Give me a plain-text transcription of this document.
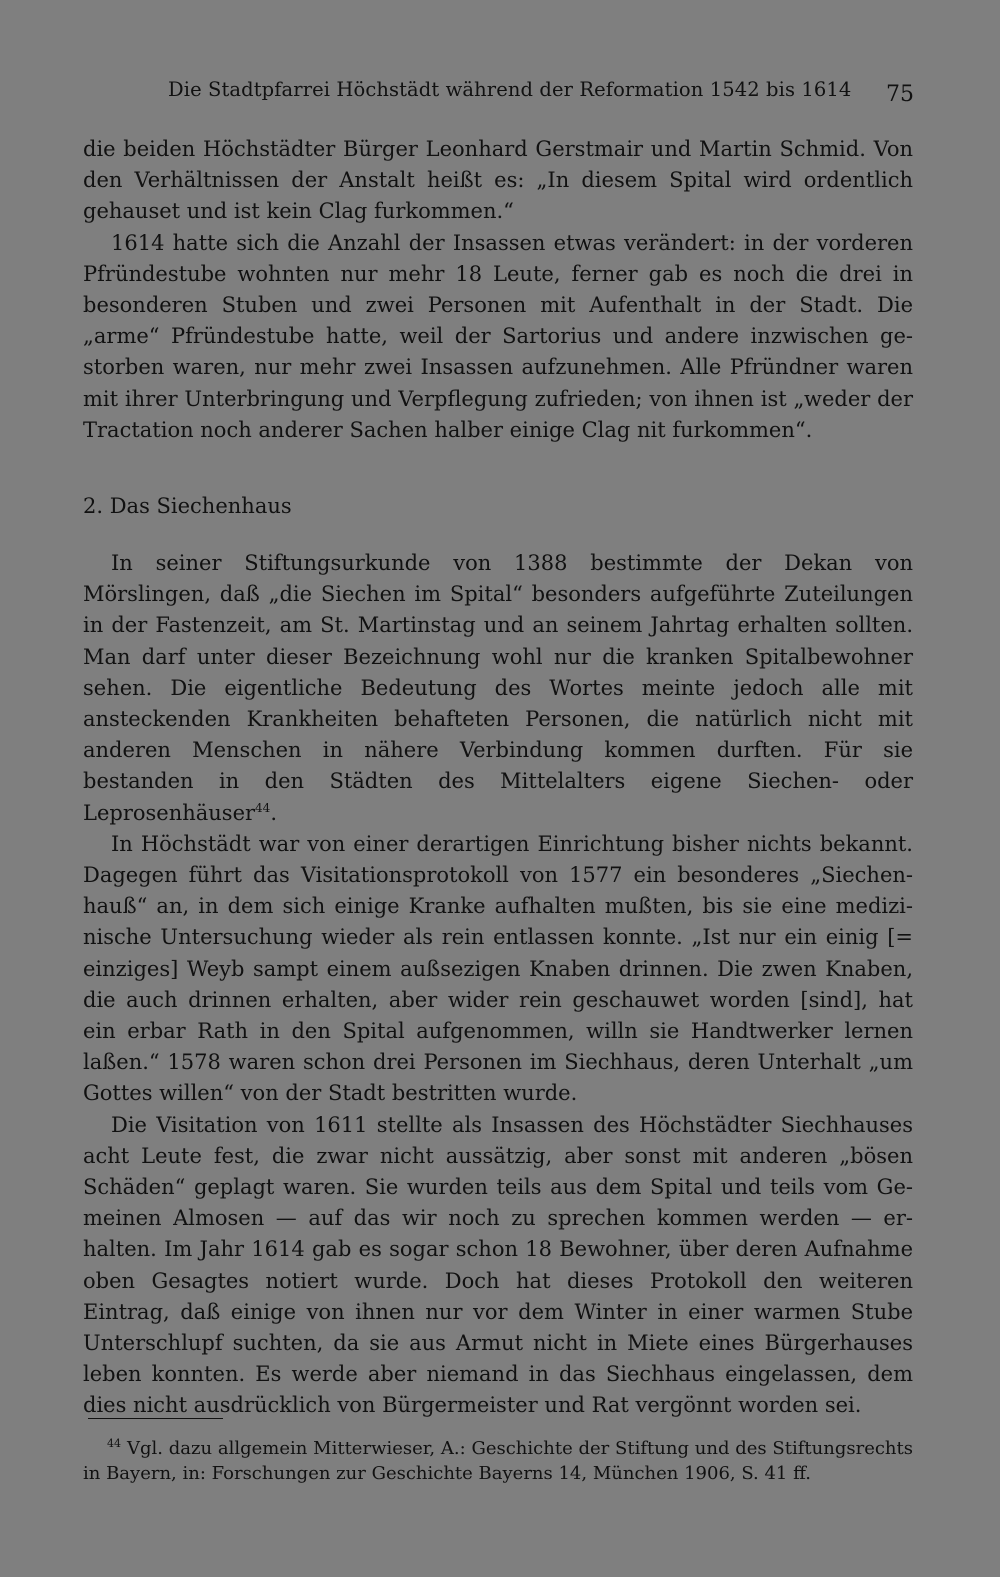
Die Stadtpfarrei Höchstädt während der Reformation 1542 bis 1614 75

die beiden Höchstädter Bürger Leonhard Gerstmair und Martin Schmid. Von den Verhältnissen der Anstalt heißt es: „In diesem Spital wird ordentlich gehauset und ist kein Clag furkommen.“

1614 hatte sich die Anzahl der Insassen etwas verändert: in der vorderen Pfründestube wohnten nur mehr 18 Leute, ferner gab es noch die drei in besonderen Stuben und zwei Personen mit Aufenthalt in der Stadt. Die „arme“ Pfründestube hatte, weil der Sartorius und andere inzwischen gestorben waren, nur mehr zwei Insassen aufzunehmen. Alle Pfründner waren mit ihrer Unterbringung und Verpflegung zufrieden; von ihnen ist „weder der Tractation noch anderer Sachen halber einige Clag nit furkommen“.

2. Das Siechenhaus

In seiner Stiftungsurkunde von 1388 bestimmte der Dekan von Mörslingen, daß „die Siechen im Spital“ besonders aufgeführte Zuteilungen in der Fastenzeit, am St. Martinstag und an seinem Jahrtag erhalten sollten. Man darf unter dieser Bezeichnung wohl nur die kranken Spitalbewohner sehen. Die eigentliche Bedeutung des Wortes meinte jedoch alle mit ansteckenden Krankheiten behafteten Personen, die natürlich nicht mit anderen Menschen in nähere Verbindung kommen durften. Für sie bestanden in den Städten des Mittelalters eigene Siechen- oder Leprosenhäuser$^{44}$.

In Höchstädt war von einer derartigen Einrichtung bisher nichts bekannt. Dagegen führt das Visitationsprotokoll von 1577 ein besonderes „Siechenhauß“ an, in dem sich einige Kranke aufhalten mußten, bis sie eine medizinische Untersuchung wieder als rein entlassen konnte. „Ist nur ein einig [= einziges] Weyb sampt einem außsezigen Knaben drinnen. Die zwen Knaben, die auch drinnen erhalten, aber wider rein geschauwet worden [sind], hat ein erbar Rath in den Spital aufgenommen, willn sie Handtwerker lernen laßen.“ 1578 waren schon drei Personen im Siechhaus, deren Unterhalt „um Gottes willen“ von der Stadt bestritten wurde.

Die Visitation von 1611 stellte als Insassen des Höchstädter Siechhauses acht Leute fest, die zwar nicht aussätzig, aber sonst mit anderen „bösen Schäden“ geplagt waren. Sie wurden teils aus dem Spital und teils vom Gemeinen Almosen — auf das wir noch zu sprechen kommen werden — erhalten. Im Jahr 1614 gab es sogar schon 18 Bewohner, über deren Aufnahme oben Gesagtes notiert wurde. Doch hat dieses Protokoll den weiteren Eintrag, daß einige von ihnen nur vor dem Winter in einer warmen Stube Unterschlupf suchten, da sie aus Armut nicht in Miete eines Bürgerhauses leben konnten. Es werde aber niemand in das Siechhaus eingelassen, dem dies nicht ausdrücklich von Bürgermeister und Rat vergönnt worden sei.

$^{44}$ Vgl. dazu allgemein Mitterwieser, A.: Geschichte der Stiftung und des Stiftungsrechts in Bayern, in: Forschungen zur Geschichte Bayerns 14, München 1906, S. 41 ff.
